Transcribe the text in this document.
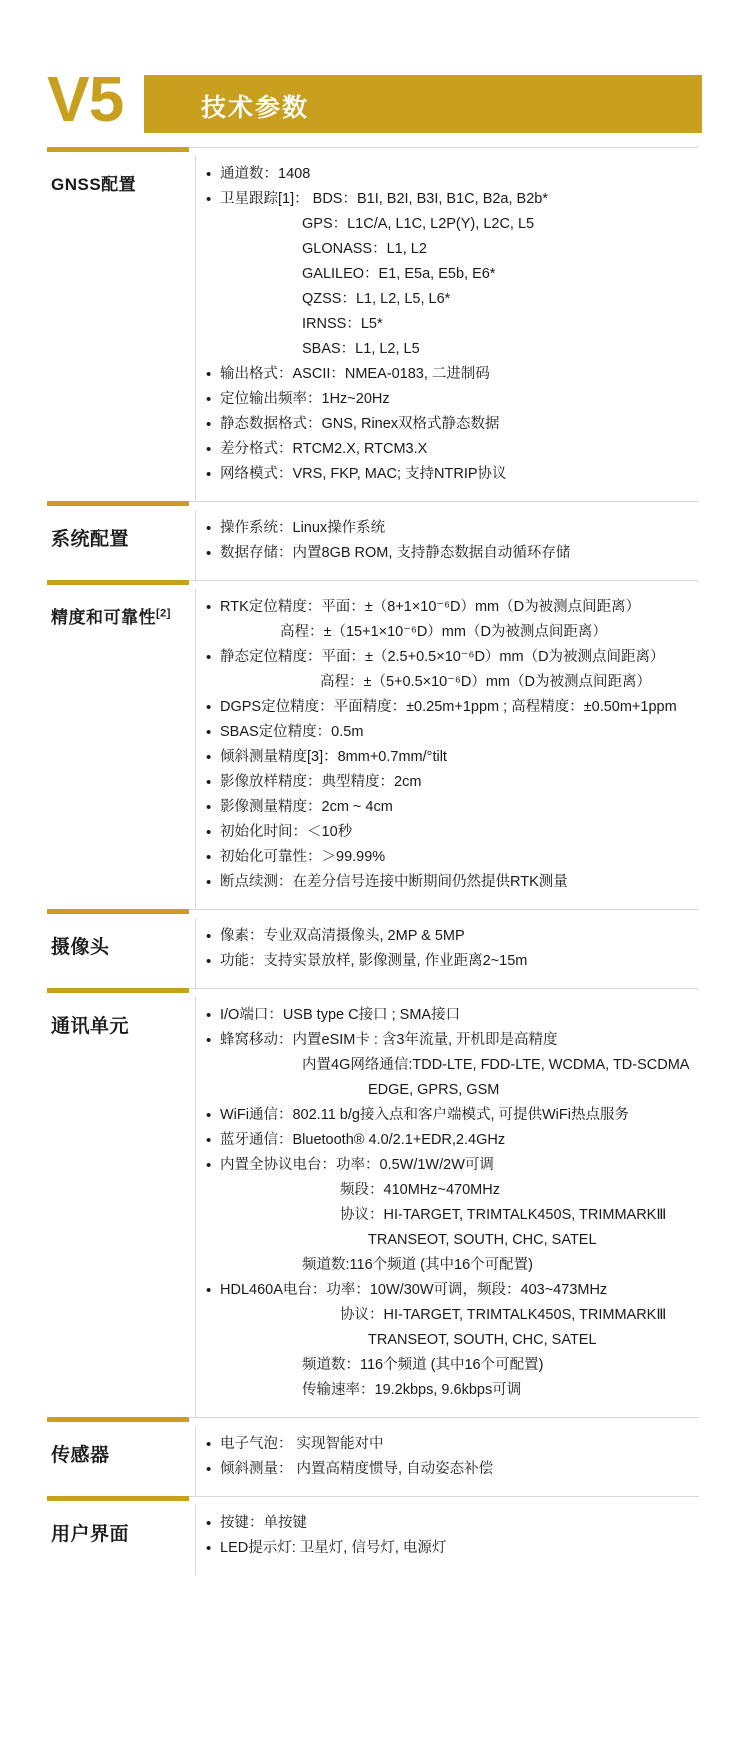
V5	技术参数
GNSS配置
• 通道数：1408
• 卫星跟踪[1]： BDS：B1I, B2I, B3I, B1C, B2a, B2b*
GPS：L1C/A, L1C, L2P(Y), L2C, L5
GLONASS：L1, L2
GALILEO：E1, E5a, E5b, E6*
QZSS：L1, L2, L5, L6*
IRNSS：L5*
SBAS：L1, L2, L5
• 输出格式：ASCII：NMEA-0183, 二进制码
• 定位输出频率：1Hz~20Hz
• 静态数据格式：GNS, Rinex双格式静态数据
• 差分格式：RTCM2.X, RTCM3.X
• 网络模式：VRS, FKP, MAC; 支持NTRIP协议
系统配置
• 操作系统：Linux操作系统
• 数据存储：内置8GB ROM, 支持静态数据自动循环存储
精度和可靠性[2]	• RTK定位精度：平面：±（8+1×10⁻⁶D）mm（D为被测点间距离）
高程：±（15+1×10⁻⁶D）mm（D为被测点间距离）
• 静态定位精度：平面：±（2.5+0.5×10⁻⁶D）mm（D为被测点间距离）
高程：±（5+0.5×10⁻⁶D）mm（D为被测点间距离）
• DGPS定位精度：平面精度：±0.25m+1ppm ; 高程精度：±0.50m+1ppm
• SBAS定位精度：0.5m
• 倾斜测量精度[3]：8mm+0.7mm/°tilt
• 影像放样精度：典型精度：2cm
• 影像测量精度：2cm ~ 4cm
• 初始化时间：＜10秒
• 初始化可靠性：＞99.99%
• 断点续测：在差分信号连接中断期间仍然提供RTK测量
摄像头
• 像素：专业双高清摄像头, 2MP & 5MP
• 功能：支持实景放样, 影像测量, 作业距离2~15m
通讯单元
• I/O端口：USB type C接口 ; SMA接口
• 蜂窝移动：内置eSIM卡 : 含3年流量, 开机即是高精度
内置4G网络通信:TDD-LTE, FDD-LTE, WCDMA, TD-SCDMA
EDGE, GPRS, GSM
• WiFi通信：802.11 b/g接入点和客户端模式, 可提供WiFi热点服务
• 蓝牙通信：Bluetooth® 4.0/2.1+EDR,2.4GHz
• 内置全协议电台：功率：0.5W/1W/2W可调
频段：410MHz~470MHz
协议：HI-TARGET, TRIMTALK450S, TRIMMARKⅢ
TRANSEOT, SOUTH, CHC, SATEL
频道数:116个频道 (其中16个可配置)
• HDL460A电台：功率：10W/30W可调，频段：403~473MHz
协议：HI-TARGET, TRIMTALK450S, TRIMMARKⅢ
TRANSEOT, SOUTH, CHC, SATEL
频道数：116个频道 (其中16个可配置)
传输速率：19.2kbps, 9.6kbps可调
传感器
• 电子气泡： 实现智能对中
• 倾斜测量： 内置高精度惯导, 自动姿态补偿
用户界面
• 按键：单按键
• LED提示灯: 卫星灯, 信号灯, 电源灯
